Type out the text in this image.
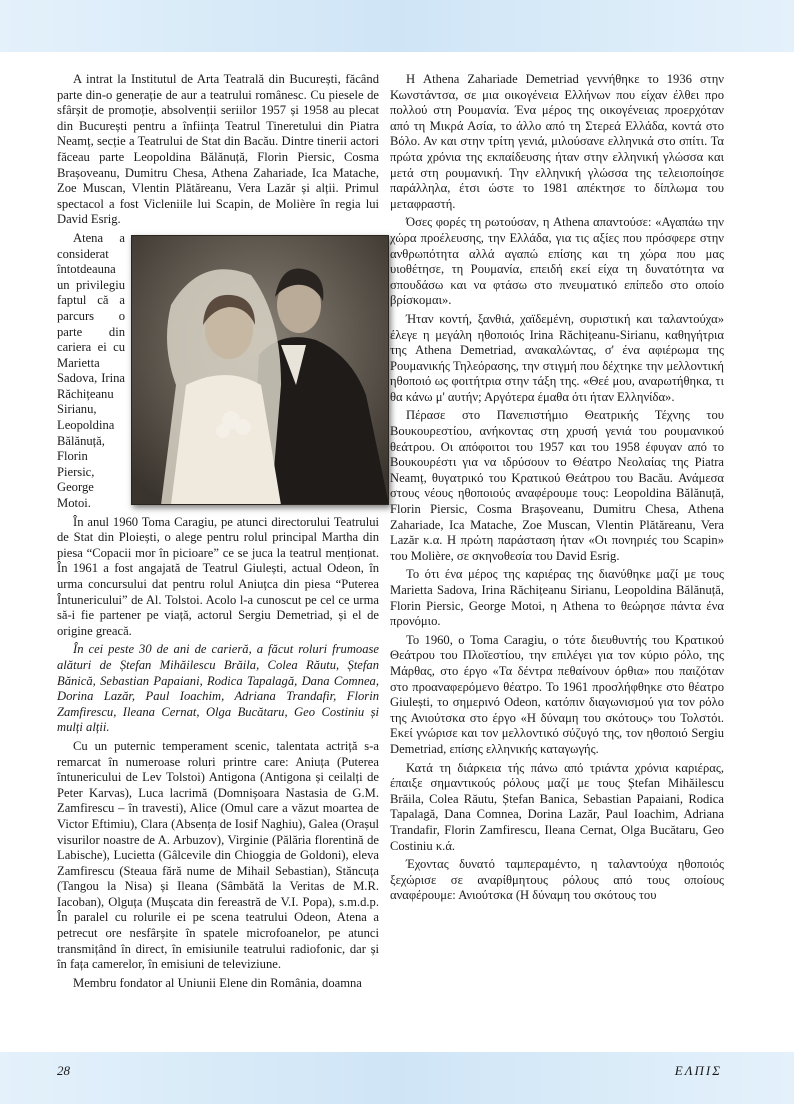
A intrat la Institutul de Arta Teatrală din București, făcând parte din-o generație de aur a teatrului românesc. Cu piesele de sfârșit de promoție, absolvenții seriilor 1957 și 1958 au plecat din București pentru a înființa Teatrul Tineretului din Piatra Neamț, secție a Teatrului de Stat din Bacău. Dintre tinerii actori făceau parte Leopoldina Bălănuță, Florin Piersic, Cosma Brașoveanu, Dumitru Chesa, Athena Zahariade, Ica Matache, Zoe Muscan, Vlentin Plătăreanu, Vera Lazăr și alții. Primul spectacol a fost Vicleniile lui Scapin, de Molière în regia lui David Esrig.

Atena a considerat întotdeauna un privilegiu faptul că a parcurs o parte din cariera ei cu Marietta Sadova, Irina Răchițeanu Sirianu, Leopoldina Bălănuță, Florin Piersic, George Motoi.

În anul 1960 Toma Caragiu, pe atunci directorului Teatrului de Stat din Ploiești, o alege pentru rolul principal Martha din piesa “Copacii mor în picioare” ce se juca la teatrul menționat. În 1961 a fost angajată de Teatrul Giulești, actual Odeon, în urma concursului dat pentru rolul Aniuțca din piesa “Puterea Întunericului” de Al. Tolstoi. Acolo l-a cunoscut pe cel ce urma să-i fie partener pe viață, actorul Sergiu Demetriad, și el de origine greacă.

În cei peste 30 de ani de carieră, a făcut roluri frumoase alături de Ștefan Mihăilescu Brăila, Colea Răutu, Ștefan Bănică, Sebastian Papaiani, Rodica Tapalagă, Dana Comnea, Dorina Lazăr, Paul Ioachim, Adriana Trandafir, Florin Zamfirescu, Ileana Cernat, Olga Bucătaru, Geo Costiniu și mulți alții.

Cu un puternic temperament scenic, talentata actriță s-a remarcat în numeroase roluri printre care: Aniuța (Puterea întunericului de Lev Tolstoi) Antigona (Antigona și ceilalți de Peter Karvas), Luca lacrimă (Domnișoara Nastasia de G.M. Zamfirescu – în travesti), Alice (Omul care a văzut moartea de Victor Eftimiu), Clara (Absența de Iosif Naghiu), Galea (Orașul visurilor noastre de A. Arbuzov), Virginie (Pălăria florentină de Labische), Lucietta (Gâlcevile din Chioggia de Goldoni), eleva Zamfirescu (Steaua fără nume de Mihail Sebastian), Stăncuța (Tangou la Nisa) și Ileana (Sâmbătă la Veritas de M.R. Iacoban), Olguța (Mușcata din fereastră de V.I. Popa), s.m.d.p. În paralel cu rolurile ei pe scena teatrului Odeon, Atena a petrecut ore nesfârșite în spatele microfoanelor, pe atunci transmițând în direct, în emisiunile teatrului radiofonic, dar și în fața camerelor, în emisiuni de televiziune.

Membru fondator al Uniunii Elene din România, doamna

Η Athena Zahariade Demetriad γεννήθηκε το 1936 στην Κωνστάντσα, σε μια οικογένεια Ελλήνων που είχαν έλθει προ πολλού στη Ρουμανία. Ένα μέρος της οικογένειας προερχόταν από τη Μικρά Ασία, το άλλο από τη Στερεά Ελλάδα, κοντά στο Βόλο. Αν και στην τρίτη γενιά, μιλούσανε ελληνικά στο σπίτι. Τα πρώτα χρόνια της εκπαίδευσης ήταν στην ελληνική γλώσσα και μετά στη ρουμανική. Την ελληνική γλώσσα της τελειοποίησε παράλληλα, έτσι ώστε το 1981 απέκτησε το δίπλωμα του μεταφραστή.

Όσες φορές τη ρωτούσαν, η Athena απαντούσε: «Αγαπάω την χώρα προέλευσης, την Ελλάδα, για τις αξίες που πρόσφερε στην ανθρωπότητα αλλά αγαπώ επίσης και τη χώρα που μας υιοθέτησε, τη Ρουμανία, επειδή εκεί είχα τη δυνατότητα να σπουδάσω και να φτάσω στο πνευματικό επίπεδο στο οποίο βρίσκομαι».

Ήταν κοντή, ξανθιά, χαϊδεμένη, συριστική και ταλαντούχα» έλεγε η μεγάλη ηθοποιός Irina Răchițeanu-Sirianu, καθηγήτρια της Athena Demetriad, ανακαλώντας, σ' ένα αφιέρωμα της Ρουμανικής Τηλεόρασης, την στιγμή που δέχτηκε την μελλοντική ηθοποιό ως φοιτήτρια στην τάξη της. «Θεέ μου, αναρωτήθηκα, τι θα κάνω μ' αυτήν; Αργότερα έμαθα ότι ήταν Ελληνίδα».

Πέρασε στο Πανεπιστήμιο Θεατρικής Τέχνης του Βουκουρεστίου, ανήκοντας στη χρυσή γενιά του ρουμανικού θεάτρου. Οι απόφοιτοι του 1957 και του 1958 έφυγαν από το Βουκουρέστι για να ιδρύσουν το Θέατρο Νεολαίας της Piatra Neamț, θυγατρικό του Κρατικού Θεάτρου του Bacău. Ανάμεσα στους νέους ηθοποιούς αναφέρουμε τους: Leopoldina Bălănuță, Florin Piersic, Cosma Brașoveanu, Dumitru Chesa, Athena Zahariade, Ica Matache, Zoe Muscan, Vlentin Plătăreanu, Vera Lazăr κ.α. Η πρώτη παράσταση ήταν «Οι πονηριές του Scapin» του Molière, σε σκηνοθεσία του David Esrig.

Το ότι ένα μέρος της καριέρας της διανύθηκε μαζί με τους Marietta Sadova, Irina Răchițeanu Sirianu, Leopoldina Bălănuță, Florin Piersic, George Motoi, η Athena το θεώρησε πάντα ένα προνόμιο.

Το 1960, ο Toma Caragiu, ο τότε διευθυντής του Κρατικού Θεάτρου του Πλοϊεστίου, την επιλέγει για τον κύριο ρόλο, της Μάρθας, στο έργο «Τα δέντρα πεθαίνουν όρθια» που παιζόταν στο προαναφερόμενο θέατρο. Το 1961 προσλήφθηκε στο θέατρο Giulești, το σημερινό Odeon, κατόπιν διαγωνισμού για τον ρόλο της Ανιούτσκα στο έργο «Η δύναμη του σκότους» του Τολστόι. Εκεί γνώρισε και τον μελλοντικό σύζυγό της, τον ηθοποιό Sergiu Demetriad, επίσης ελληνικής καταγωγής.

Κατά τη διάρκεια τής πάνω από τριάντα χρόνια καριέρας, έπαιξε σημαντικούς ρόλους μαζί με τους Ștefan Mihăilescu Brăila, Colea Răutu, Ștefan Banica, Sebastian Papaiani, Rodica Tapalagă, Dana Comnea, Dorina Lazăr, Paul Ioachim, Adriana Trandafir, Florin Zamfirescu, Ileana Cernat, Olga Bucătaru, Geo Costiniu κ.ά.

Έχοντας δυνατό ταμπεραμέντο, η ταλαντούχα ηθοποιός ξεχώρισε σε αναρίθμητους ρόλους από τους οποίους αναφέρουμε: Ανιούτσκα (Η δύναμη του σκότους του

28	ΕΛΠΙΣ
